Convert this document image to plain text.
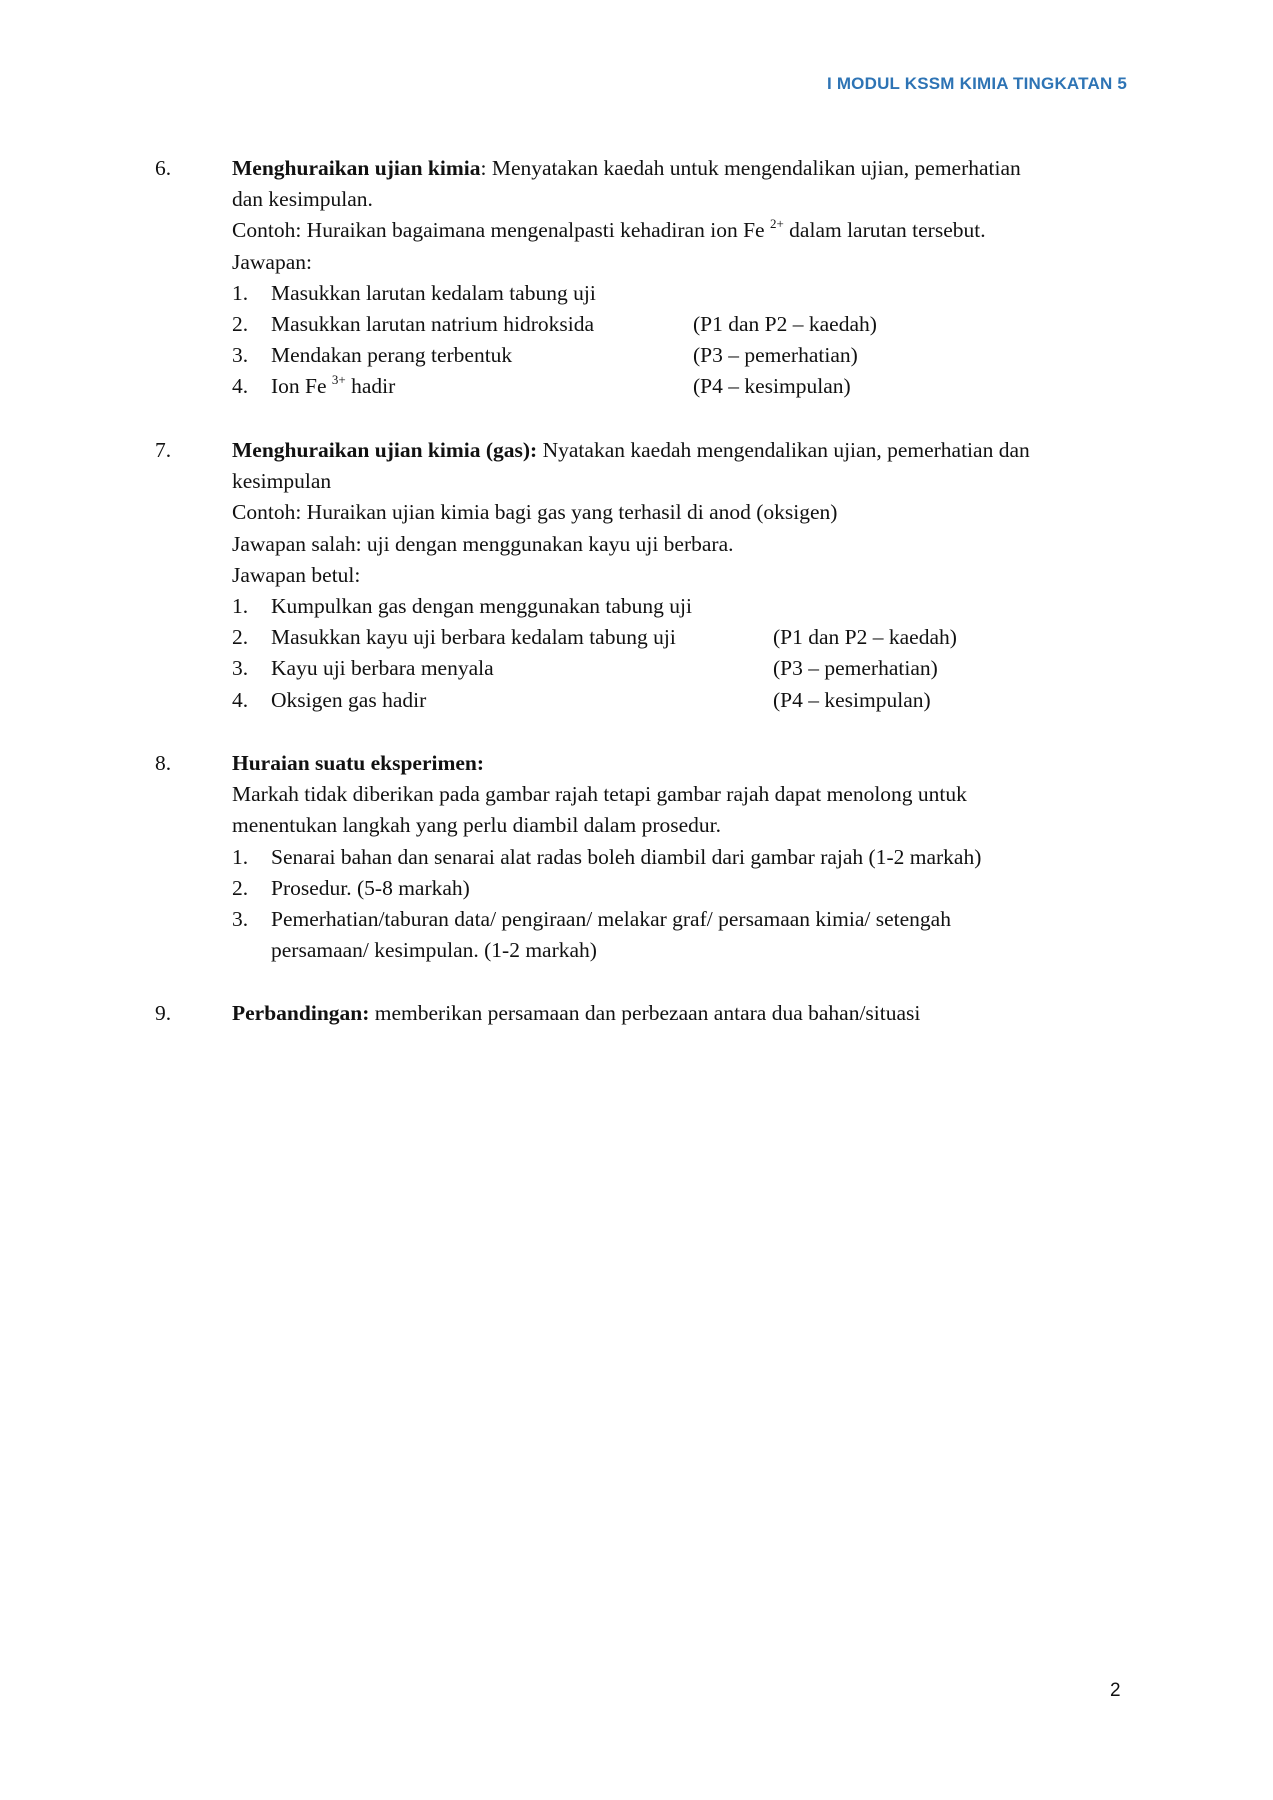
I MODUL KSSM KIMIA TINGKATAN 5
6.	Menghuraikan ujian kimia: Menyatakan kaedah untuk mengendalikan ujian, pemerhatian
dan kesimpulan.
Contoh: Huraikan bagaimana mengenalpasti kehadiran ion Fe $^{2+}$ dalam larutan tersebut.
Jawapan:
1. Masukkan larutan kedalam tabung uji
2. Masukkan larutan natrium hidroksida	(P1 dan P2 – kaedah)
3. Mendakan perang terbentuk	(P3 – pemerhatian)
4. Ion Fe $^{3+}$ hadir	(P4 – kesimpulan)
7.	Menghuraikan ujian kimia (gas): Nyatakan kaedah mengendalikan ujian, pemerhatian dan
kesimpulan
Contoh: Huraikan ujian kimia bagi gas yang terhasil di anod (oksigen)
Jawapan salah: uji dengan menggunakan kayu uji berbara.
Jawapan betul:
1. Kumpulkan gas dengan menggunakan tabung uji
2. Masukkan kayu uji berbara kedalam tabung uji	(P1 dan P2 – kaedah)
3. Kayu uji berbara menyala	(P3 – pemerhatian)
4. Oksigen gas hadir	(P4 – kesimpulan)
8.	Huraian suatu eksperimen:
Markah tidak diberikan pada gambar rajah tetapi gambar rajah dapat menolong untuk
menentukan langkah yang perlu diambil dalam prosedur.
1. Senarai bahan dan senarai alat radas boleh diambil dari gambar rajah (1-2 markah)
2. Prosedur. (5-8 markah)
3. Pemerhatian/taburan data/ pengiraan/ melakar graf/ persamaan kimia/ setengah
persamaan/ kesimpulan. (1-2 markah)
9.	Perbandingan: memberikan persamaan dan perbezaan antara dua bahan/situasi
2
